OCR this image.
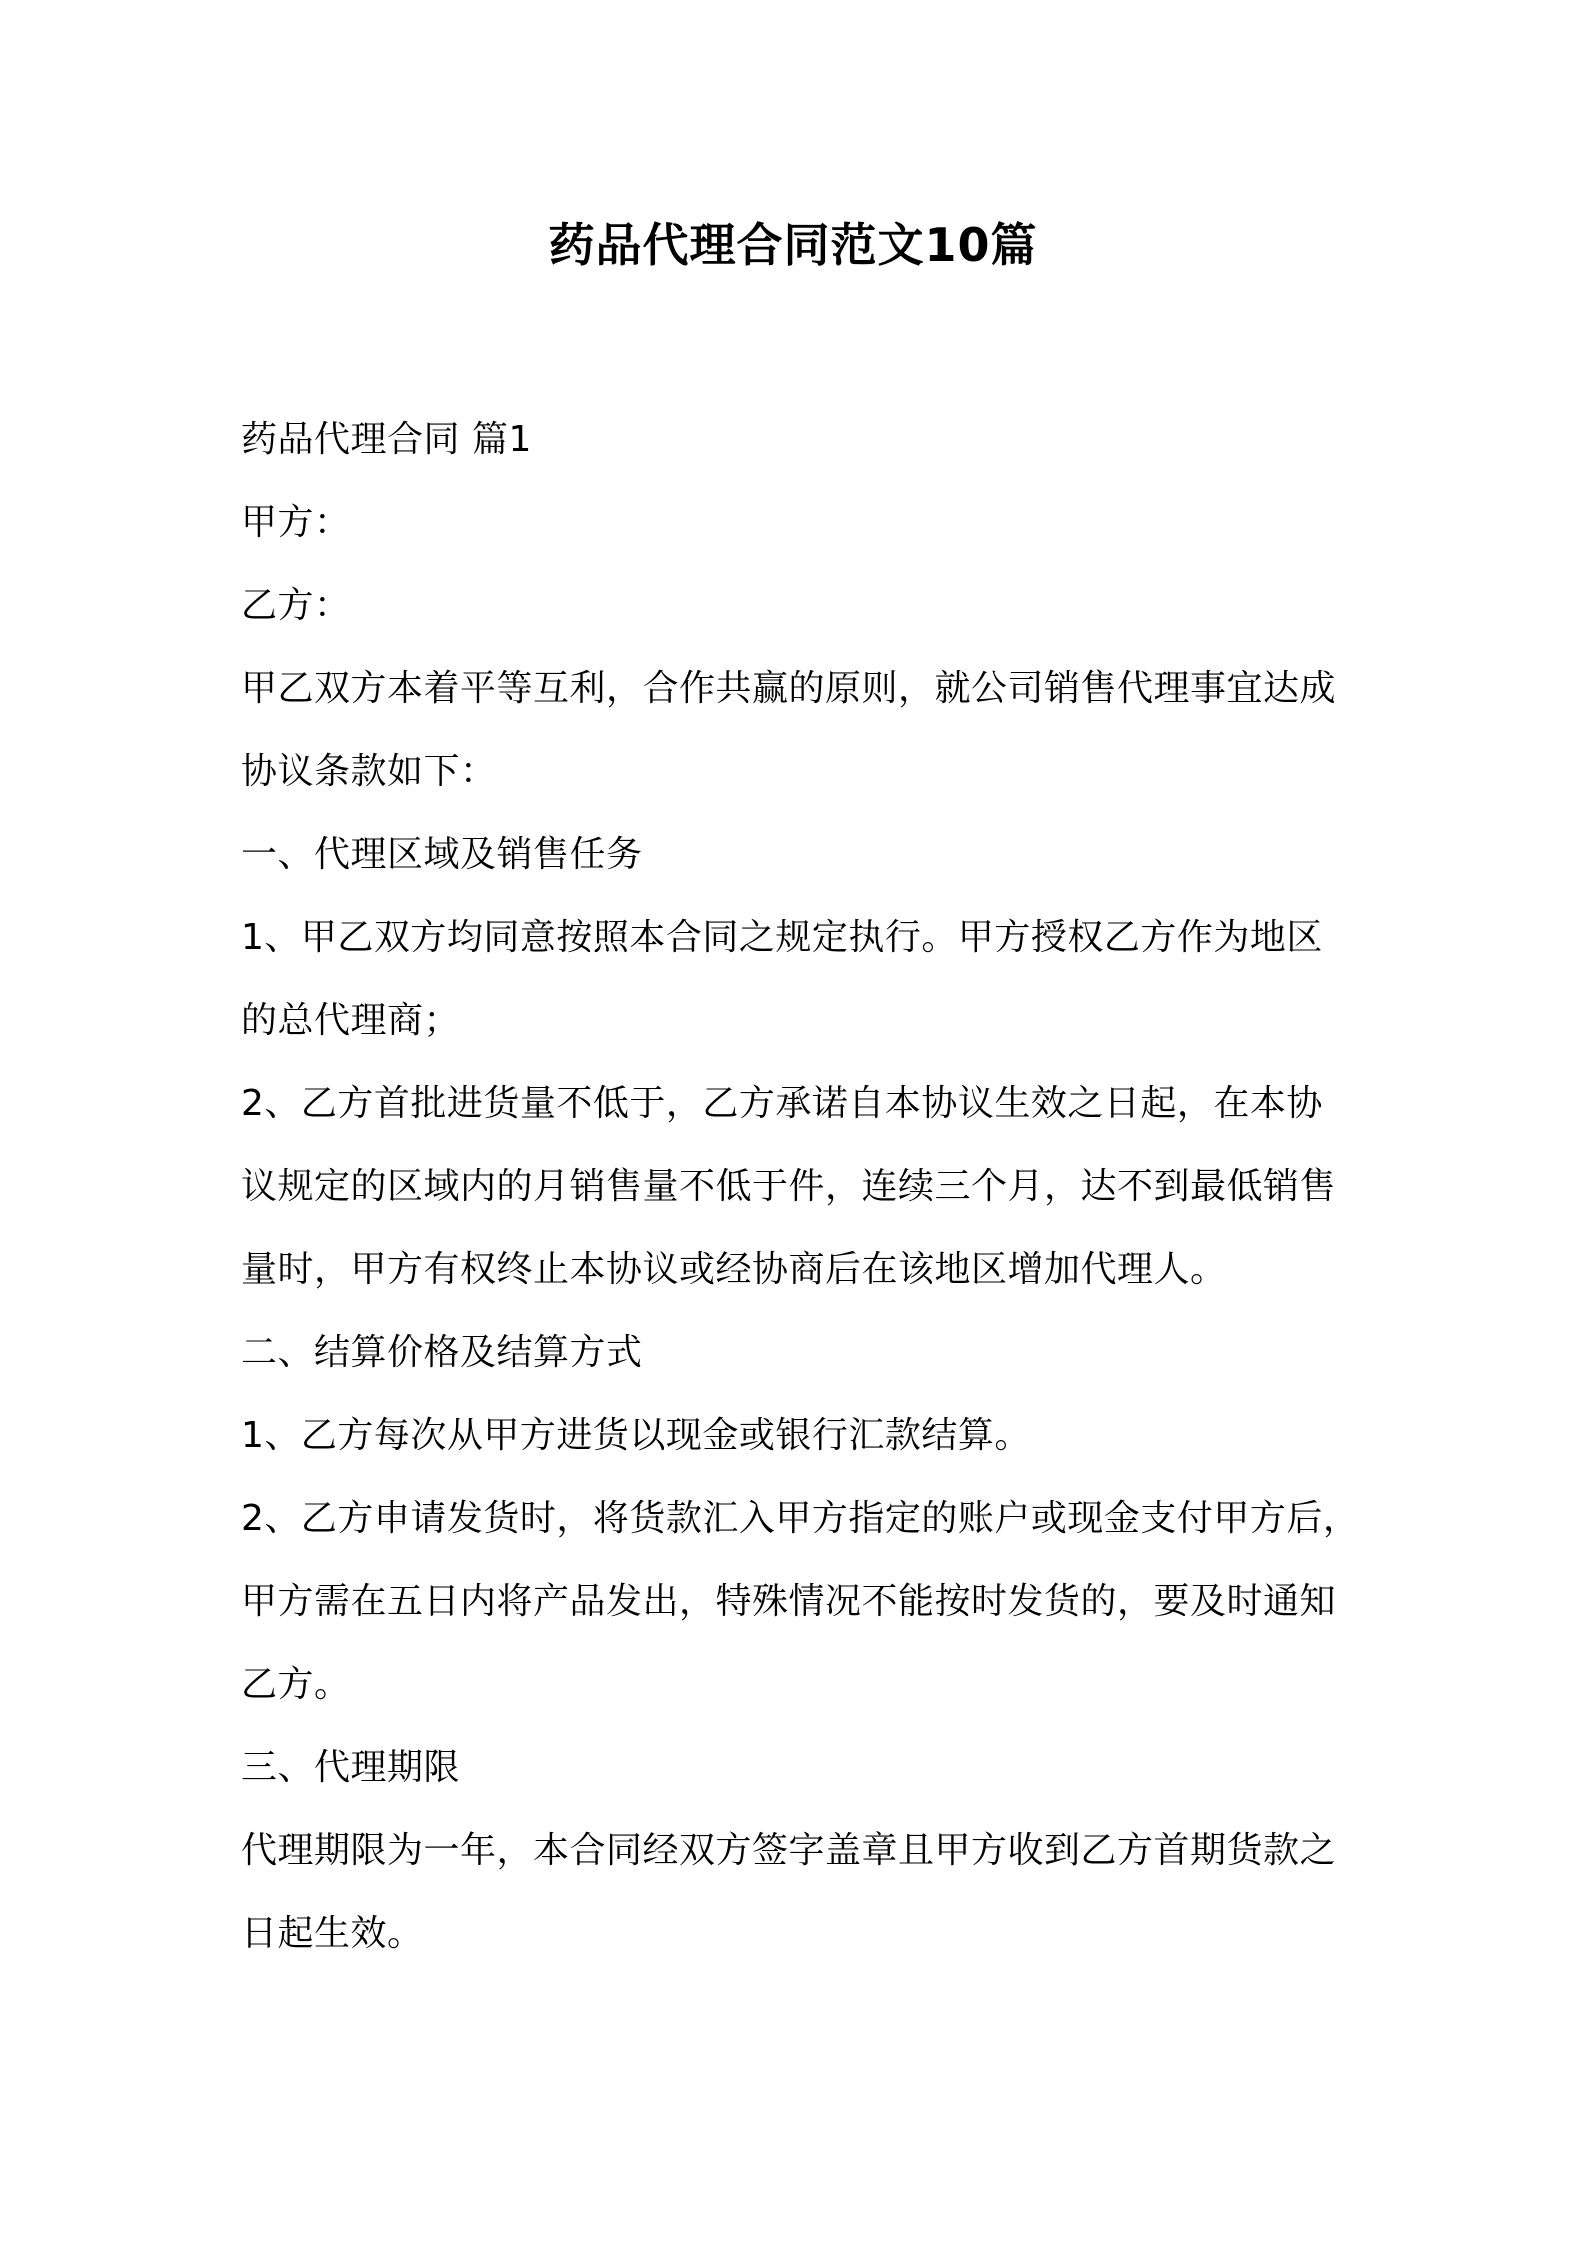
药品代理合同范文10篇

药品代理合同 篇1

甲方：

乙方：

甲乙双方本着平等互利，合作共赢的原则，就公司销售代理事宜达成

协议条款如下：

一、代理区域及销售任务

1、甲乙双方均同意按照本合同之规定执行。甲方授权乙方作为地区

的总代理商；

2、乙方首批进货量不低于，乙方承诺自本协议生效之日起，在本协

议规定的区域内的月销售量不低于件，连续三个月，达不到最低销售

量时，甲方有权终止本协议或经协商后在该地区增加代理人。

二、结算价格及结算方式

1、乙方每次从甲方进货以现金或银行汇款结算。

2、乙方申请发货时，将货款汇入甲方指定的账户或现金支付甲方后，

甲方需在五日内将产品发出，特殊情况不能按时发货的，要及时通知

乙方。

三、代理期限

代理期限为一年，本合同经双方签字盖章且甲方收到乙方首期货款之

日起生效。
